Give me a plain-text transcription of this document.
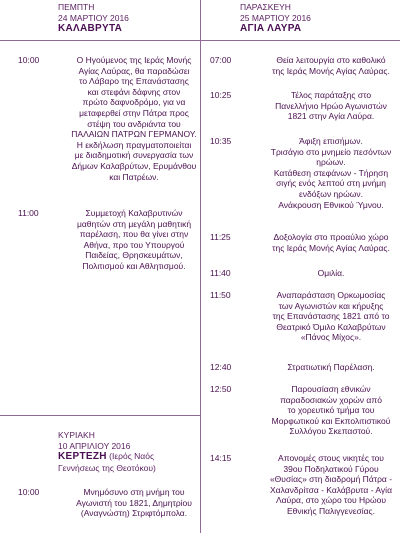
ΠΕΜΠΤΗ
24 ΜΑΡΤΙΟΥ 2016
ΚΑΛΑΒΡΥΤΑ
10:00	Ο Ηγούμενος της Ιεράς Μονής
Αγίας Λαύρας, θα παραδώσει
το Λάβαρο της Επανάστασης
και στεφάνι δάφνης στον
πρώτο δαφνοδρόμο, για να
μεταφερθεί στην Πάτρα προς
στέψη του ανδριάντα του
ΠΑΛΑΙΩΝ ΠΑΤΡΩΝ ΓΕΡΜΑΝΟΥ.
Η εκδήλωση πραγματοποιείται
με διαδημοτική συνεργασία των
Δήμων Καλαβρύτων, Ερυμάνθου
και Πατρέων.
11:00	Συμμετοχή Καλαβρυτινών
μαθητών στη μεγάλη μαθητική
παρέλαση, που θα γίνει στην
Αθήνα, προ του Υπουργού
Παιδείας, Θρησκευμάτων,
Πολιτισμού και Αθλητισμού.
ΚΥΡΙΑΚΗ
10 ΑΠΡΙΛΙΟΥ 2016
ΚΕΡΤΕΖΗ (Ιερός Ναός
Γεννήσεως της Θεοτόκου)
10:00	Μνημόσυνο στη μνήμη του
Αγωνιστή του 1821, Δημητρίου
(Αναγνώστη) Στριφτόμπολα.
ΠΑΡΑΣΚΕΥΗ
25 ΜΑΡΤΙΟΥ 2016
ΑΓΙΑ ΛΑΥΡΑ
07:00	Θεία λειτουργία στο καθολικό
της Ιεράς Μονής Αγίας Λαύρας.
10:25	Τέλος παράταξης στο
Πανελλήνιο Ηρώο Αγωνιστών
1821 στην Αγία Λαύρα.
10:35	Άφιξη επισήμων.
Τρισάγιο στο μνημείο πεσόντων
ηρώων.
Κατάθεση στεφάνων - Τήρηση
σιγής ενός λεπτού στη μνήμη
ενδόξων ηρώων.
Ανάκρουση Εθνικού Ύμνου.
11:25	Δοξολογία στο προαύλιο χώρο
της Ιεράς Μονής Αγίας Λαύρας.
11:40	Ομιλία.
11:50	Αναπαράσταση Ορκωμοσίας
των Αγωνιστών και κήρυξης
της Επανάστασης 1821 από το
Θεατρικό Όμιλο Καλαβρύτων
«Πάνος Μίχος».
12:40	Στρατιωτική Παρέλαση.
12:50	Παρουσίαση εθνικών
παραδοσιακών χορών από
το χορευτικό τμήμα του
Μορφωτικού και Εκπολιτιστικού
Συλλόγου Σκεπαστού.
14:15	Απονομές στους νικητές του
39ου Ποδηλατικού Γύρου
«Θυσίας» στη διαδρομή Πάτρα -
Χαλανδρίτσα - Καλάβρυτα - Αγία
Λαύρα, στο χώρο του Ηρώου
Εθνικής Παλιγγενεσίας.
